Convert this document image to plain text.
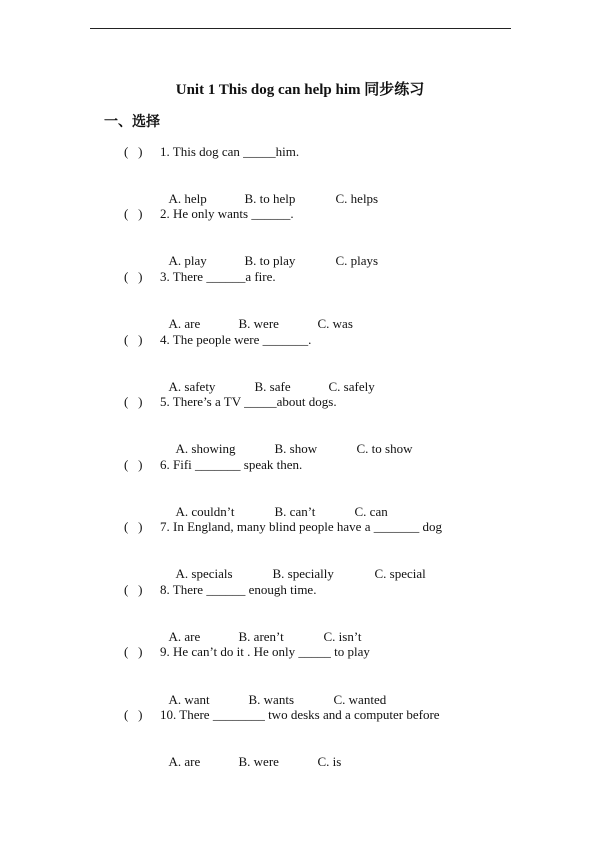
Unit 1 This dog can help him 同步练习
一、选择
(   ) 1. This dog can _____him.

A. help	B. to help	C. helps

(   ) 2. He only wants ______.

A. play	B. to play	C. plays

(   ) 3. There ______a fire.

A. are	B. were	C. was

(   ) 4. The people were _______.

A. safety	B. safe	C. safely

(   ) 5. There’s a TV _____about dogs.

A. showing	B. show	C. to show

(   ) 6. Fifi _______ speak then.

A. couldn’t	B. can’t	C. can

(   ) 7. In England, many blind people have a _______ dog

A. specials	B. specially	C. special

(   ) 8. There ______ enough time.

A. are	B. aren’t	C. isn’t

(   ) 9. He can’t do it . He only _____ to play

A. want	B. wants	C. wanted

(   ) 10. There ________ two desks and a computer before

A. are	B. were	C. is
